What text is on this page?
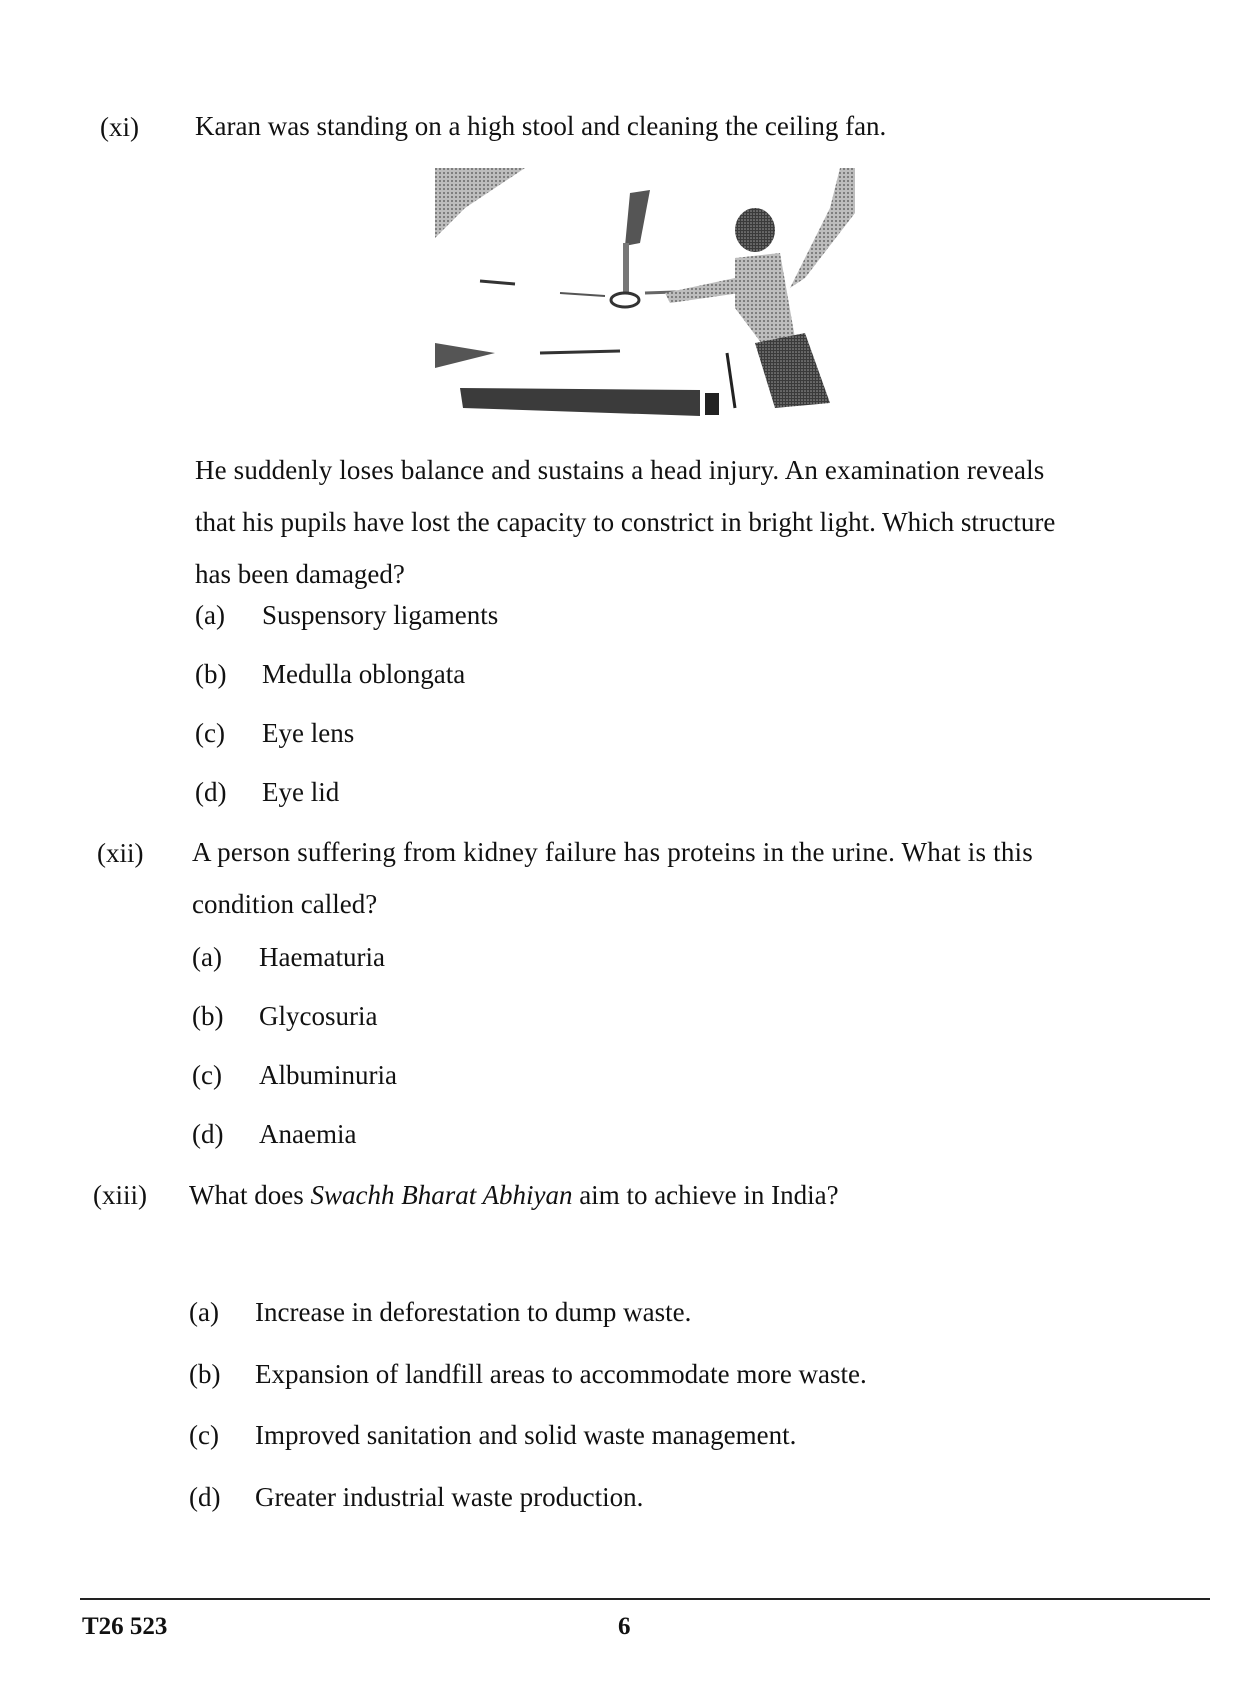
(xi) Karan was standing on a high stool and cleaning the ceiling fan.
He suddenly loses balance and sustains a head injury. An examination reveals
that his pupils have lost the capacity to constrict in bright light. Which structure
has been damaged?
(a) Suspensory ligaments
(b) Medulla oblongata
(c) Eye lens
(d) Eye lid
(xii) A person suffering from kidney failure has proteins in the urine. What is this
condition called?
(a) Haematuria
(b) Glycosuria
(c) Albuminuria
(d) Anaemia
(xiii) What does Swachh Bharat Abhiyan aim to achieve in India?
(a) Increase in deforestation to dump waste.
(b) Expansion of landfill areas to accommodate more waste.
(c) Improved sanitation and solid waste management.
(d) Greater industrial waste production.
T26 523	6
